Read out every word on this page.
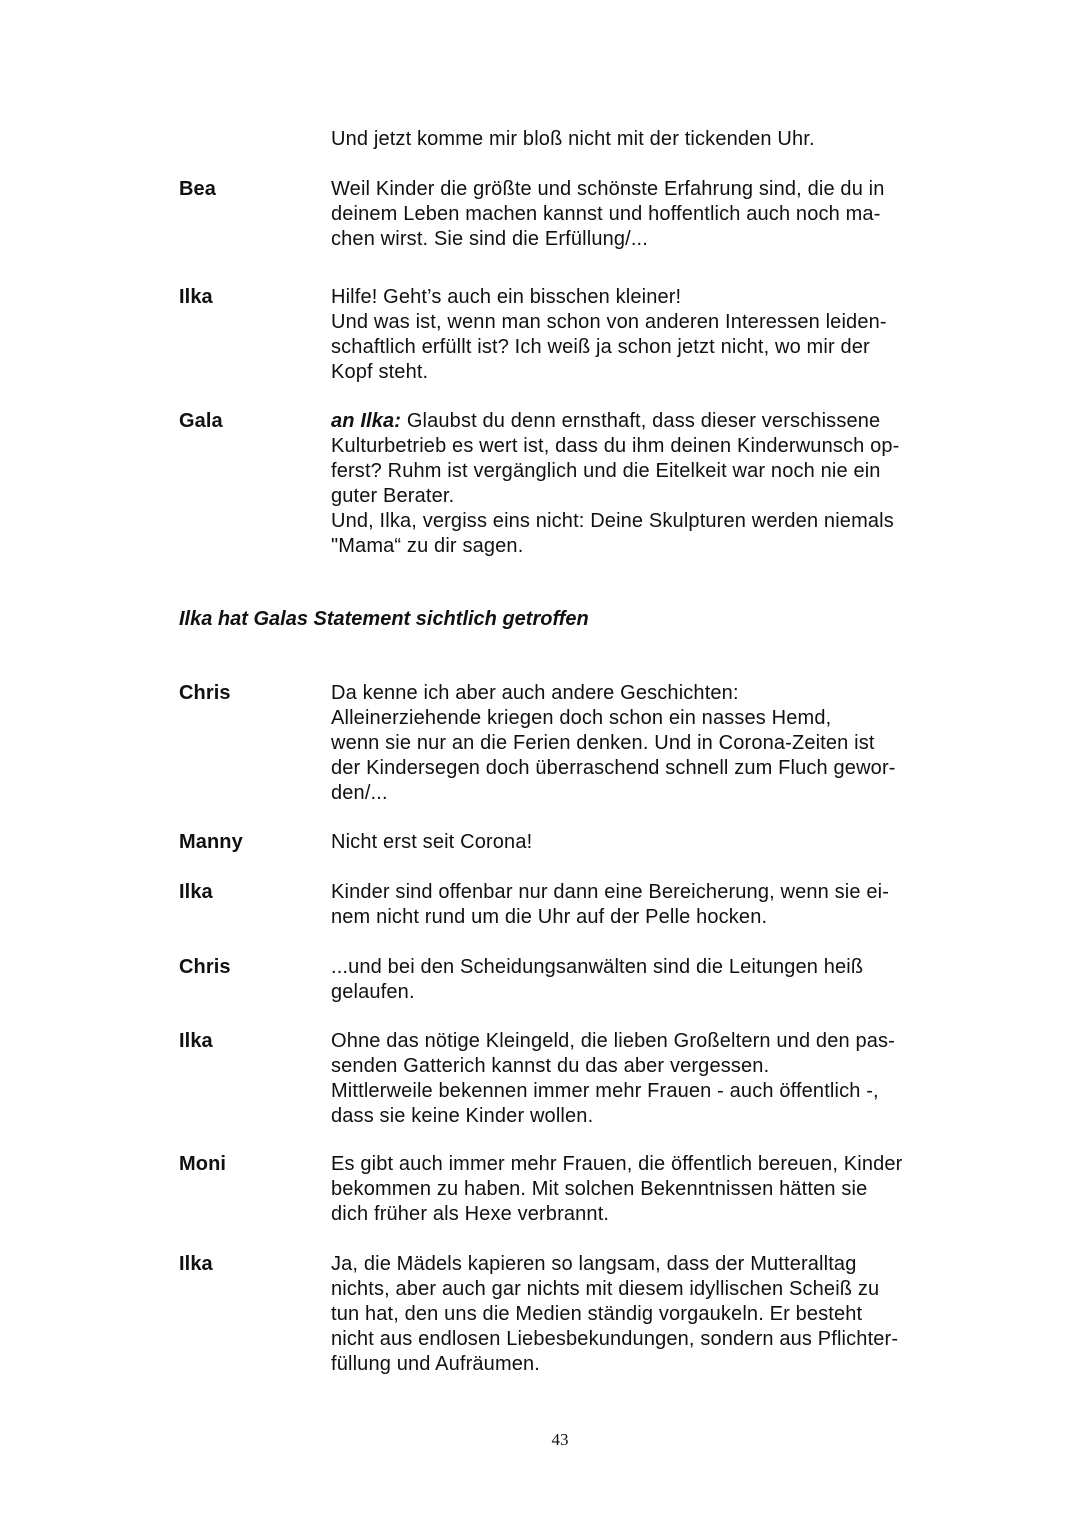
Und jetzt komme mir bloß nicht mit der tickenden Uhr.
Bea	Weil Kinder die größte und schönste Erfahrung sind, die du in
deinem Leben machen kannst und hoffentlich auch noch ma-
chen wirst. Sie sind die Erfüllung/...
Ilka	Hilfe! Geht’s auch ein bisschen kleiner!
Und was ist, wenn man schon von anderen Interessen leiden-
schaftlich erfüllt ist? Ich weiß ja schon jetzt nicht, wo mir der
Kopf steht.
Gala	an Ilka: Glaubst du denn ernsthaft, dass dieser verschissene
Kulturbetrieb es wert ist, dass du ihm deinen Kinderwunsch op-
ferst? Ruhm ist vergänglich und die Eitelkeit war noch nie ein
guter Berater.
Und, Ilka, vergiss eins nicht: Deine Skulpturen werden niemals
"Mama“ zu dir sagen.
Ilka hat Galas Statement sichtlich getroffen
Chris	Da kenne ich aber auch andere Geschichten:
Alleinerziehende kriegen doch schon ein nasses Hemd,
wenn sie nur an die Ferien denken. Und in Corona-Zeiten ist
der Kindersegen doch überraschend schnell zum Fluch gewor-
den/...
Manny	Nicht erst seit Corona!
Ilka	Kinder sind offenbar nur dann eine Bereicherung, wenn sie ei-
nem nicht rund um die Uhr auf der Pelle hocken.
Chris	...und bei den Scheidungsanwälten sind die Leitungen heiß
gelaufen.
Ilka	Ohne das nötige Kleingeld, die lieben Großeltern und den pas-
senden Gatterich kannst du das aber vergessen.
Mittlerweile bekennen immer mehr Frauen - auch öffentlich -,
dass sie keine Kinder wollen.
Moni	Es gibt auch immer mehr Frauen, die öffentlich bereuen, Kinder
bekommen zu haben. Mit solchen Bekenntnissen hätten sie
dich früher als Hexe verbrannt.
Ilka	Ja, die Mädels kapieren so langsam, dass der Mutteralltag
nichts, aber auch gar nichts mit diesem idyllischen Scheiß zu
tun hat, den uns die Medien ständig vorgaukeln. Er besteht
nicht aus endlosen Liebesbekundungen, sondern aus Pflichter-
füllung und Aufräumen.
43
